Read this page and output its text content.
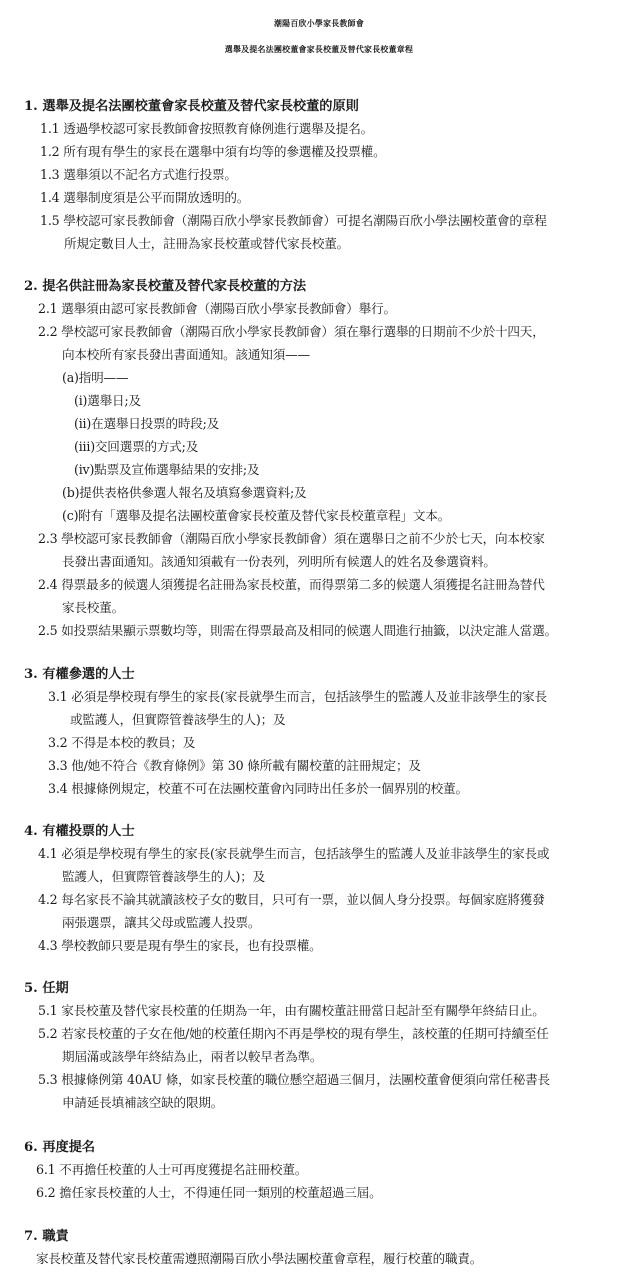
潮陽百欣小學家長教師會
選舉及提名法團校董會家長校董及替代家長校董章程
1. 選舉及提名法團校董會家長校董及替代家長校董的原則
1.1 透過學校認可家長教師會按照教育條例進行選舉及提名。
1.2 所有現有學生的家長在選舉中須有均等的參選權及投票權。
1.3 選舉須以不記名方式進行投票。
1.4 選舉制度須是公平而開放透明的。
1.5 學校認可家長教師會（潮陽百欣小學家長教師會）可提名潮陽百欣小學法團校董會的章程
所規定數目人士，註冊為家長校董或替代家長校董。
2. 提名供註冊為家長校董及替代家長校董的方法
2.1 選舉須由認可家長教師會（潮陽百欣小學家長教師會）舉行。
2.2 學校認可家長教師會（潮陽百欣小學家長教師會）須在舉行選舉的日期前不少於十四天，
向本校所有家長發出書面通知。該通知須——
(a)指明——
(i)選舉日;及
(ii)在選舉日投票的時段;及
(iii)交回選票的方式;及
(iv)點票及宣佈選舉結果的安排;及
(b)提供表格供參選人報名及填寫參選資料;及
(c)附有「選舉及提名法團校董會家長校董及替代家長校董章程」文本。
2.3 學校認可家長教師會（潮陽百欣小學家長教師會）須在選舉日之前不少於七天，向本校家
長發出書面通知。該通知須載有一份表列，列明所有候選人的姓名及參選資料。
2.4 得票最多的候選人須獲提名註冊為家長校董，而得票第二多的候選人須獲提名註冊為替代
家長校董。
2.5 如投票結果顯示票數均等，則需在得票最高及相同的候選人間進行抽籤，以決定誰人當選。
3. 有權參選的人士
3.1 必須是學校現有學生的家長(家長就學生而言，包括該學生的監護人及並非該學生的家長
或監護人，但實際管養該學生的人)；及
3.2 不得是本校的教員；及
3.3 他/她不符合《教育條例》第 30 條所載有關校董的註冊規定；及
3.4 根據條例規定，校董不可在法團校董會內同時出任多於一個界別的校董。
4. 有權投票的人士
4.1 必須是學校現有學生的家長(家長就學生而言，包括該學生的監護人及並非該學生的家長或
監護人，但實際管養該學生的人)；及
4.2 每名家長不論其就讀該校子女的數目，只可有一票，並以個人身分投票。每個家庭將獲發
兩張選票，讓其父母或監護人投票。
4.3 學校教師只要是現有學生的家長，也有投票權。
5. 任期
5.1 家長校董及替代家長校董的任期為一年，由有關校董註冊當日起計至有關學年終結日止。
5.2 若家長校董的子女在他/她的校董任期內不再是學校的現有學生，該校董的任期可持續至任
期屆滿或該學年終結為止，兩者以較早者為準。
5.3 根據條例第 40AU 條，如家長校董的職位懸空超過三個月，法團校董會便須向常任秘書長
申請延長填補該空缺的限期。
6. 再度提名
6.1 不再擔任校董的人士可再度獲提名註冊校董。
6.2 擔任家長校董的人士，不得連任同一類別的校董超過三屆。
7. 職責
家長校董及替代家長校董需遵照潮陽百欣小學法團校董會章程，履行校董的職責。
